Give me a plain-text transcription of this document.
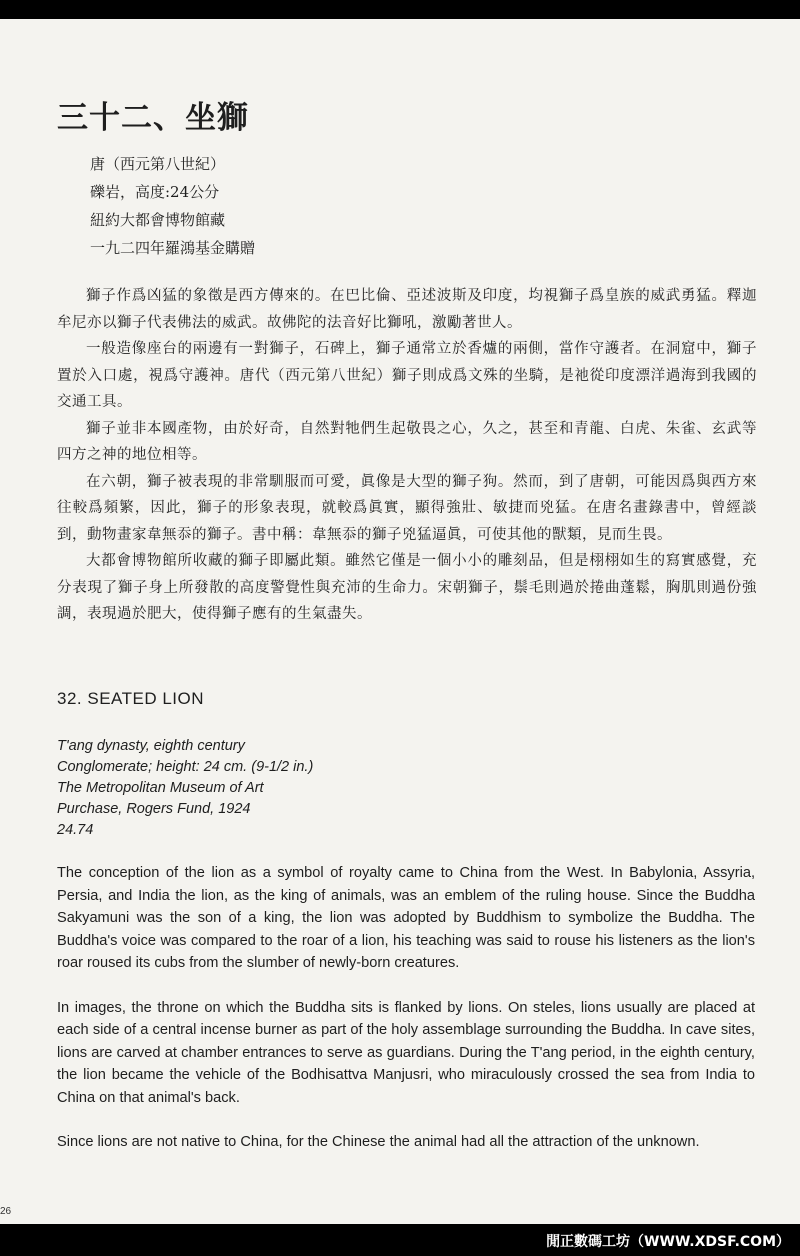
三十二、坐獅
唐（西元第八世紀）
礫岩，高度:24公分
紐約大都會博物館藏
一九二四年羅鴻基金購贈

獅子作爲凶猛的象徵是西方傳來的。在巴比倫、亞述波斯及印度，均視獅子爲皇族的威武勇猛。釋迦牟尼亦以獅子代表佛法的威武。故佛陀的法音好比獅吼，激勵著世人。

一般造像座台的兩邊有一對獅子，石碑上，獅子通常立於香爐的兩側，當作守護者。在洞窟中，獅子置於入口處，視爲守護神。唐代（西元第八世紀）獅子則成爲文殊的坐騎，是祂從印度漂洋過海到我國的交通工具。

獅子並非本國產物，由於好奇，自然對牠們生起敬畏之心，久之，甚至和青龍、白虎、朱雀、玄武等四方之神的地位相等。

在六朝，獅子被表現的非常馴服而可愛，眞像是大型的獅子狗。然而，到了唐朝，可能因爲與西方來往較爲頻繁，因此，獅子的形象表現，就較爲眞實，顯得強壯、敏捷而兇猛。在唐名畫錄書中，曾經談到，動物畫家韋無忝的獅子。書中稱：韋無忝的獅子兇猛逼眞，可使其他的獸類，見而生畏。

大都會博物館所收藏的獅子即屬此類。雖然它僅是一個小小的雕刻品，但是栩栩如生的寫實感覺，充分表現了獅子身上所發散的高度警覺性與充沛的生命力。宋朝獅子，鬃毛則過於捲曲蓬鬆，胸肌則過份強調，表現過於肥大，使得獅子應有的生氣盡失。

32. SEATED LION
T'ang dynasty, eighth century
Conglomerate; height: 24 cm. (9-1/2 in.)
The Metropolitan Museum of Art
Purchase, Rogers Fund, 1924
24.74

The conception of the lion as a symbol of royalty came to China from the West. In Babylonia, Assyria, Persia, and India the lion, as the king of animals, was an emblem of the ruling house. Since the Buddha Sakyamuni was the son of a king, the lion was adopted by Buddhism to symbolize the Buddha. The Buddha's voice was compared to the roar of a lion, his teaching was said to rouse his listeners as the lion's roar roused its cubs from the slumber of newly-born creatures.

In images, the throne on which the Buddha sits is flanked by lions. On steles, lions usually are placed at each side of a central incense burner as part of the holy assemblage surrounding the Buddha. In cave sites, lions are carved at chamber entrances to serve as guardians. During the T'ang period, in the eighth century, the lion became the vehicle of the Bodhisattva Manjusri, who miraculously crossed the sea from India to China on that animal's back.

Since lions are not native to China, for the Chinese the animal had all the attraction of the unknown.

26
閒正數碼工坊（WWW.XDSF.COM）
